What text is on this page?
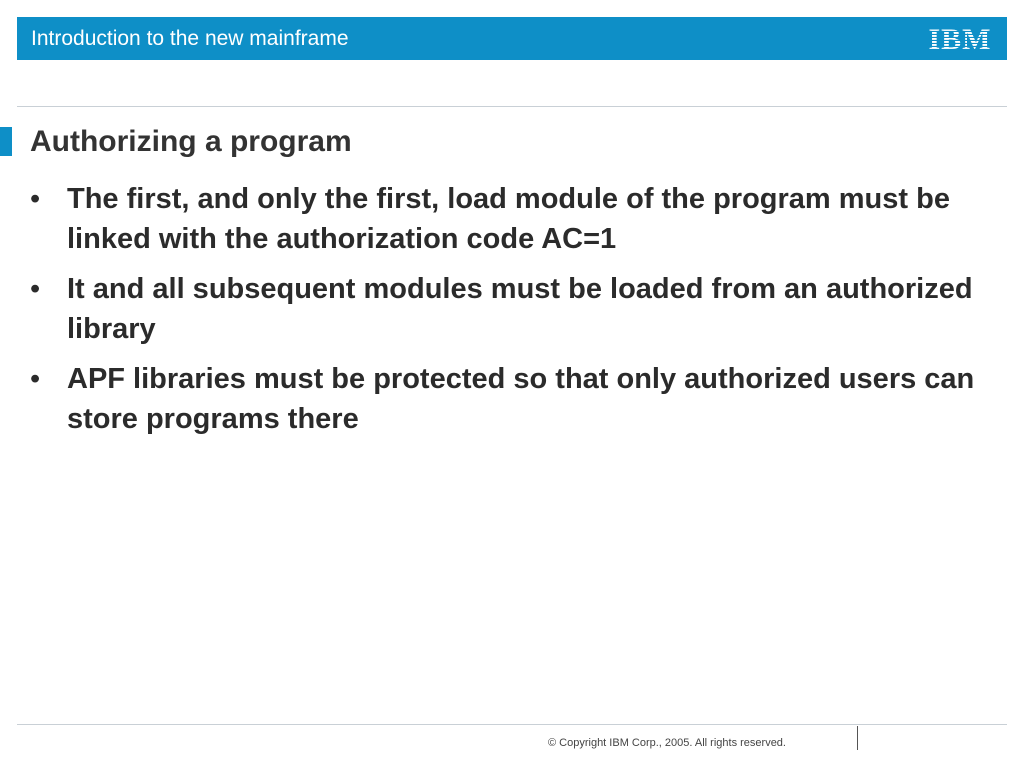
Introduction to the new mainframe	IBM
Authorizing a program
• The first, and only the first, load module of the program must be linked with the authorization code AC=1
• It and all subsequent modules must be loaded from an authorized library
• APF libraries must be protected so that only authorized users can store programs there
© Copyright IBM Corp., 2005. All rights reserved.
